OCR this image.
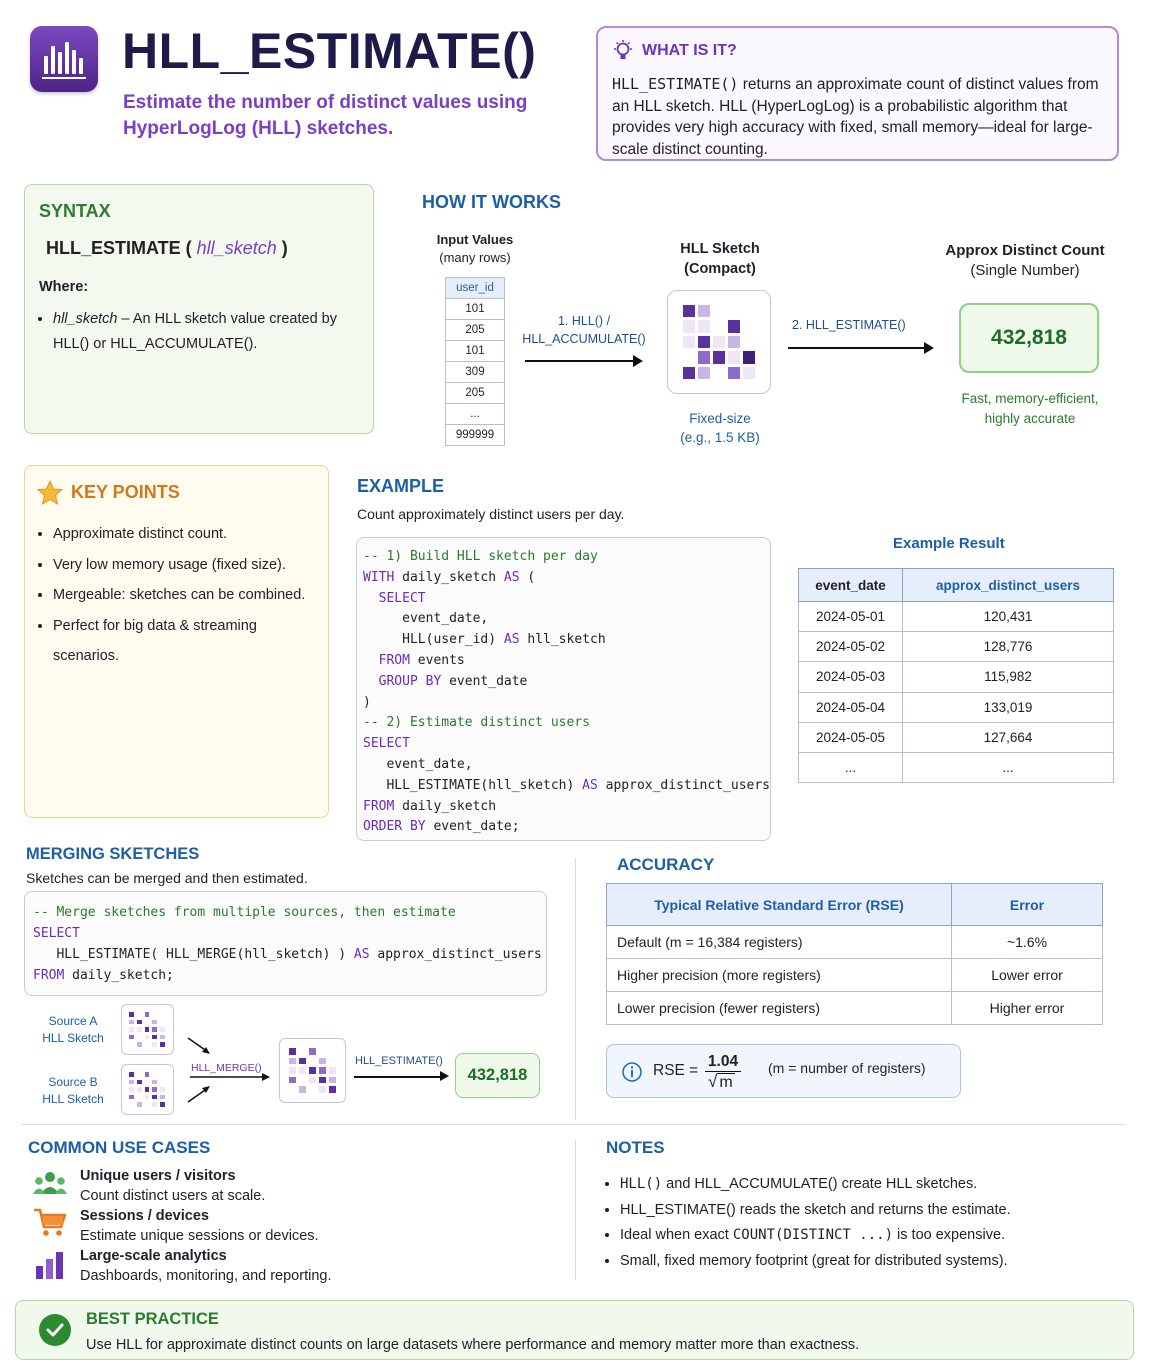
HLL_ESTIMATE()
Estimate the number of distinct values using HyperLogLog (HLL) sketches.
WHAT IS IT?

HLL_ESTIMATE() returns an approximate count of distinct values from an HLL sketch. HLL (HyperLogLog) is a probabilistic algorithm that provides very high accuracy with fixed, small memory—ideal for large-scale distinct counting.

SYNTAX
HLL_ESTIMATE ( hll_sketch )
Where:
• hll_sketch – An HLL sketch value created by HLL() or HLL_ACCUMULATE().
HOW IT WORKS
Input Values
(many rows)
user_id
101
205
101
309
205
...
999999
1. HLL() /
HLL_ACCUMULATE()
HLL Sketch
(Compact)
Fixed-size
(e.g., 1.5 KB)
2. HLL_ESTIMATE()
Approx Distinct Count
(Single Number)
432,818
Fast, memory-efficient,
highly accurate
KEY POINTS
• Approximate distinct count.
• Very low memory usage (fixed size).
• Mergeable: sketches can be combined.
• Perfect for big data & streaming scenarios.
EXAMPLE
Count approximately distinct users per day.
-- 1) Build HLL sketch per day
WITH daily_sketch AS (
SELECT
event_date,
HLL(user_id) AS hll_sketch
FROM events
GROUP BY event_date
)
-- 2) Estimate distinct users
SELECT
event_date,
HLL_ESTIMATE(hll_sketch) AS approx_distinct_users
FROM daily_sketch
ORDER BY event_date;
Example Result
event_date	approx_distinct_users
2024-05-01	120,431
2024-05-02	128,776
2024-05-03	115,982
2024-05-04	133,019
2024-05-05	127,664
...	...
MERGING SKETCHES
Sketches can be merged and then estimated.
-- Merge sketches from multiple sources, then estimate
SELECT
HLL_ESTIMATE( HLL_MERGE(hll_sketch) ) AS approx_distinct_users
FROM daily_sketch;
Source A
HLL Sketch
Source B
HLL Sketch
HLL_MERGE()
HLL_ESTIMATE()
432,818
ACCURACY
Typical Relative Standard Error (RSE)	Error
Default (m = 16,384 registers)	~1.6%
Higher precision (more registers)	Lower error
Lower precision (fewer registers)	Higher error
RSE =
1.04
√ m
(m = number of registers)
COMMON USE CASES
Unique users / visitors
Count distinct users at scale.
Sessions / devices
Estimate unique sessions or devices.
Large-scale analytics
Dashboards, monitoring, and reporting.
NOTES
• HLL() and HLL_ACCUMULATE() create HLL sketches.
• HLL_ESTIMATE() reads the sketch and returns the estimate.
• Ideal when exact COUNT(DISTINCT ...) is too expensive.
• Small, fixed memory footprint (great for distributed systems).
BEST PRACTICE

Use HLL for approximate distinct counts on large datasets where performance and memory matter more than exactness.
